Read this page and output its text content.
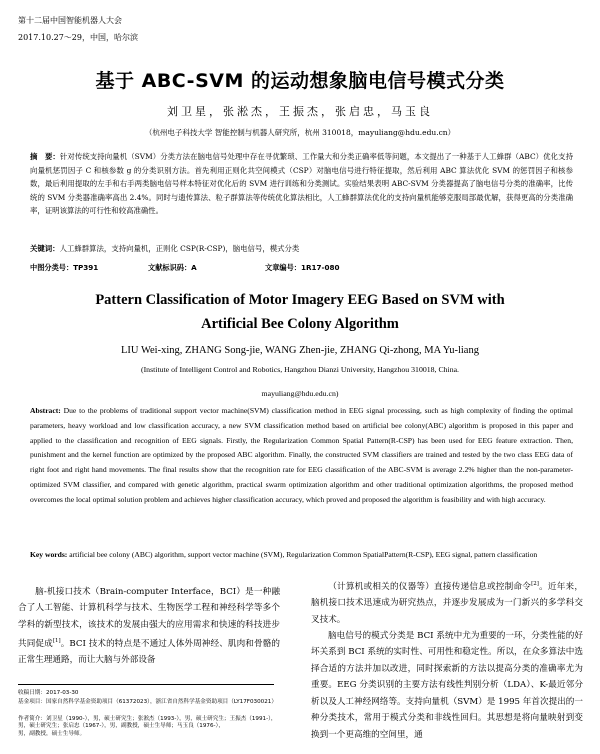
第十二届中国智能机器人大会
2017.10.27～29，中国，哈尔滨
基于 ABC-SVM 的运动想象脑电信号模式分类
刘卫星，张淞杰，王振杰，张启忠，马玉良
（杭州电子科技大学 智能控制与机器人研究所，杭州 310018，mayuliang@hdu.edu.cn）
摘　要：针对传统支持向量机（SVM）分类方法在脑电信号处理中存在寻优繁琐、工作量大和分类正确率低等问题，本文提出了一种基于人工蜂群（ABC）优化支持向量机惩罚因子 C 和核参数 g 的分类识别方法。首先利用正则化共空间模式（CSP）对脑电信号进行特征提取，然后利用 ABC 算法优化 SVM 的惩罚因子和核参数，最后利用提取的左手和右手两类脑电信号样本特征对优化后的 SVM 进行训练和分类测试。实验结果表明 ABC-SVM 分类器提高了脑电信号分类的准确率，比传统的 SVM 分类器准确率高出 2.4%。同时与遗传算法、粒子群算法等传统优化算法相比，人工蜂群算法优化的支持向量机能够克服局部最优解，获得更高的分类准确率，证明该算法的可行性和较高准确性。
关键词：人工蜂群算法，支持向量机，正则化 CSP(R-CSP)，脑电信号，模式分类
中图分类号：TP391	文献标识码：A	文章编号：1R17-080
Pattern Classification of Motor Imagery EEG Based on SVM with
Artificial Bee Colony Algorithm
LIU Wei-xing, ZHANG Song-jie, WANG Zhen-jie, ZHANG Qi-zhong, MA Yu-liang
(Institute of Intelligent Control and Robotics, Hangzhou Dianzi University, Hangzhou 310018, China.
mayuliang@hdu.edu.cn)
Abstract: Due to the problems of traditional support vector machine(SVM) classification method in EEG signal processing, such as high complexity of finding the optimal parameters, heavy workload and low classification accuracy, a new SVM classification method based on artificial bee colony(ABC) algorithm is proposed in this paper and applied to the classification and recognition of EEG signals. Firstly, the Regularization Common Spatial Pattern(R-CSP) has been used for EEG feature extraction. Then, punishment and the kernel function are optimized by the proposed ABC algorithm. Finally, the constructed SVM classifiers are trained and tested by the two class EEG data of right foot and right hand movements. The final results show that the recognition rate for EEG classification of the ABC-SVM is average 2.2% higher than the non-parameter-optimized SVM classifier, and compared with genetic algorithm, practical swarm optimization algorithm and other traditional optimization algorithms, the proposed method overcomes the local optimal solution problem and achieves higher classification accuracy, which proved and proposed the algorithm is feasibility and with high accuracy.
Key words: artificial bee colony (ABC) algorithm, support vector machine (SVM), Regularization Common SpatialPattern(R-CSP), EEG signal, pattern classification
脑-机接口技术（Brain-computer Interface，BCI）是一种融合了人工智能、计算机科学与技术、生物医学工程和神经科学等多个学科的新型技术，该技术的发展由强大的应用需求和快速的科技进步共同促成[1]。BCI 技术的特点是不通过人体外周神经、肌肉和骨骼的正常生理通路，而让大脑与外部设备
（计算机或相关的仪器等）直接传递信息或控制命令[2]。近年来，脑机接口技术迅速成为研究热点，并逐步发展成为一门新兴的多学科交叉技术。
脑电信号的模式分类是 BCI 系统中尤为重要的一环，分类性能的好坏关系到 BCI 系统的实时性、可用性和稳定性。所以，在众多算法中选择合适的方法并加以改进，同时探索新的方法以提高分类的准确率尤为重要。EEG 分类识别的主要方法有线性判别分析（LDA）、K-最近邻分析以及人工神经网络等。支持向量机（SVM）是 1995 年首次提出的一种分类技术，常用于模式分类和非线性回归。其思想是将向量映射到变换到一个更高维的空间里，通
收稿日期：2017-03-30
基金项目：国家自然科学基金资助项目（61372023），浙江省自然科学基金资助项目（LY17F030021）
作者简介：刘卫星（1990-），男，硕士研究生；张淞杰（1993-），男，硕士研究生；王振杰（1991-），男，硕士研究生；张启忠（1967-），男，副教授，硕士生导师；马玉良（1976-），
男，副教授，硕士生导师。
